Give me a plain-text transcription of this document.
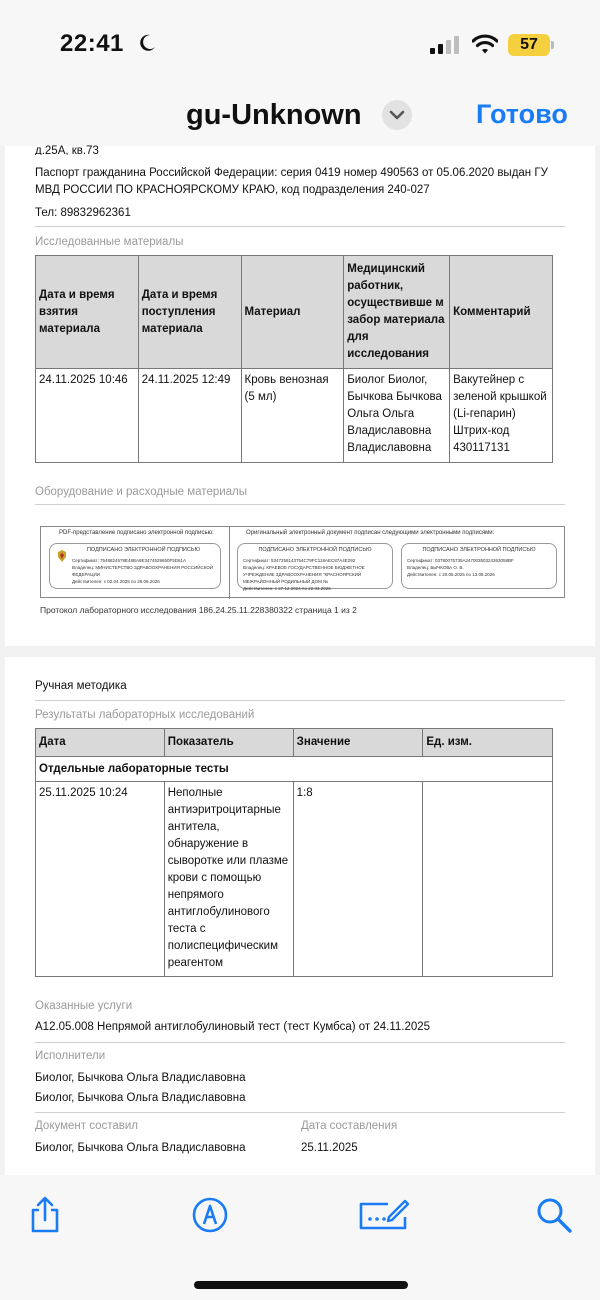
22:41	57
gu-Unknown	Готово
д.25А, кв.73
Паспорт гражданина Российской Федерации: серия 0419 номер 490563 от 05.06.2020 выдан ГУ МВД РОССИИ ПО КРАСНОЯРСКОМУ КРАЮ, код подразделения 240-027
Тел: 89832962361
Исследованные материалы
Дата и время взятия материала	Дата и время поступления материала	Материал	Медицинский работник, осуществивше м забор материала для исследования	Комментарий
24.11.2025 10:46	24.11.2025 12:49	Кровь венозная (5 мл)	Биолог Биолог, Бычкова Бычкова Ольга Ольга Владиславовна Владиславовна	Вакутейнер с зеленой крышкой (Li-гепарин) Штрих-код 430117131
Оборудование и расходные материалы
PDF-представление подписано электронной подписью:	Оригинальный электронный документ подписан следующими электронными подписями:
ПОДПИСАНО ЭЛЕКТРОННОЙ ПОДПИСЬЮ
Сертификат: 7548824578E48BA8E3474529650F5D61A
Владелец: МИНИСТЕРСТВО ЗДРАВООХРАНЕНИЯ РОССИЙСКОЙ ФЕДЕРАЦИИ
Действителен: с 02.04.2025 по 26.06.2026
ПОДПИСАНО ЭЛЕКТРОННОЙ ПОДПИСЬЮ
Сертификат: 5347258143754C79FC118AEC87A4E292
Владелец: КРАЕВОЕ ГОСУДАРСТВЕННОЕ БЮДЖЕТНОЕ УЧРЕЖДЕНИЕ ЗДРАВООХРАНЕНИЯ "КРАСНОЯРСКИЙ МЕЖРАЙОННЫЙ РОДИЛЬНЫЙ ДОМ №
Действителен: с 27.12.2024 по 22.03.2026
ПОДПИСАНО ЭЛЕКТРОННОЙ ПОДПИСЬЮ
Сертификат: 03780075735A24700350324363058BF
Владелец: БЫЧКОВА О. В.
Действителен: с 20.05.2025 по 13.08.2026
Протокол лабораторного исследования 186.24.25.11.228380322 страница 1 из 2
Ручная методика
Результаты лабораторных исследований
Дата	Показатель	Значение	Ед. изм.
Отдельные лабораторные тесты			
25.11.2025 10:24	Неполные антиэритроцитарные антитела, обнаружение в сыворотке или плазме крови с помощью непрямого антиглобулинового теста с полиспецифическим реагентом	1:8	
Оказанные услуги
A12.05.008 Непрямой антиглобулиновый тест (тест Кумбса) от 24.11.2025
Исполнители
Биолог, Бычкова Ольга Владиславовна
Биолог, Бычкова Ольга Владиславовна
Документ составил	Дата составления
Биолог, Бычкова Ольга Владиславовна	25.11.2025
